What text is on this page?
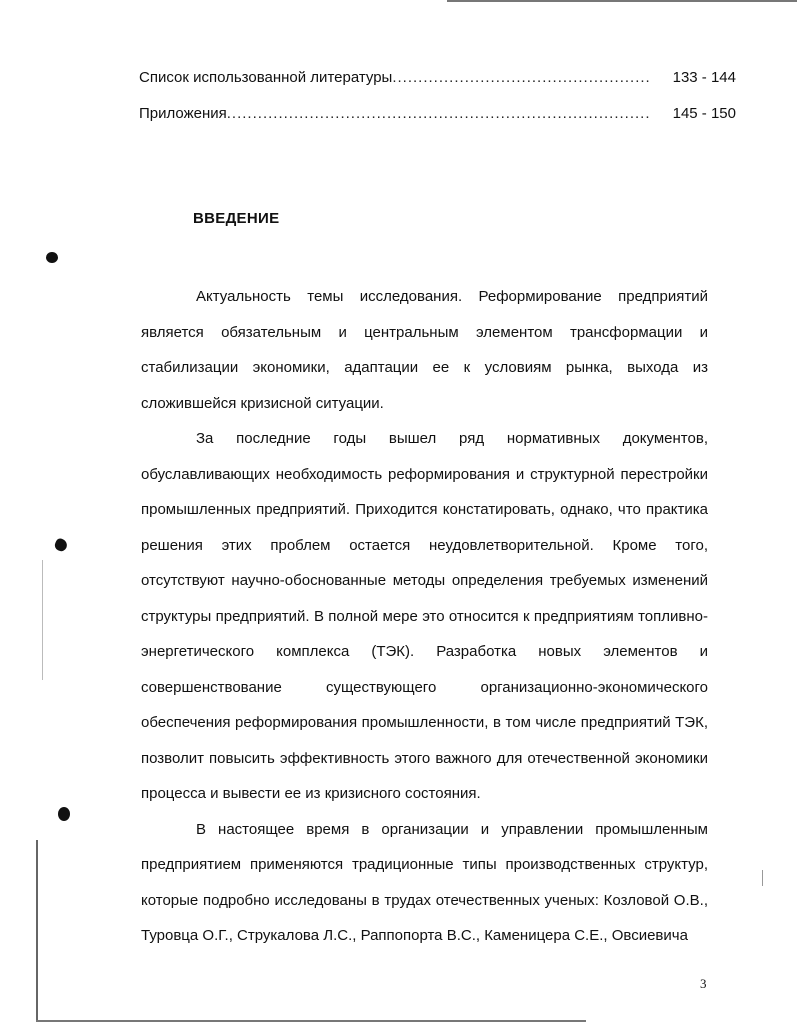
Список использованной литературы .....	133 - 144
Приложения .....	145 - 150
ВВЕДЕНИЕ

Актуальность темы исследования. Реформирование предприятий является обязательным и центральным элементом трансформации и стабилизации экономики, адаптации ее к условиям рынка, выхода из сложившейся кризисной ситуации.

За последние годы вышел ряд нормативных документов, обуславливающих необходимость реформирования и структурной перестройки промышленных предприятий. Приходится констатировать, однако, что практика решения этих проблем остается неудовлетворительной. Кроме того, отсутствуют научно-обоснованные методы определения требуемых изменений структуры предприятий. В полной мере это относится к предприятиям топливно-энергетического комплекса (ТЭК). Разработка новых элементов и совершенствование существующего организационно-экономического обеспечения реформирования промышленности, в том числе предприятий ТЭК, позволит повысить эффективность этого важного для отечественной экономики процесса и вывести ее из кризисного состояния.

В настоящее время в организации и управлении промышленным предприятием применяются традиционные типы производственных структур, которые подробно исследованы в трудах отечественных ученых: Козловой О.В., Туровца О.Г., Струкалова Л.С., Раппопорта В.С., Каменицера С.Е., Овсиевича

3
